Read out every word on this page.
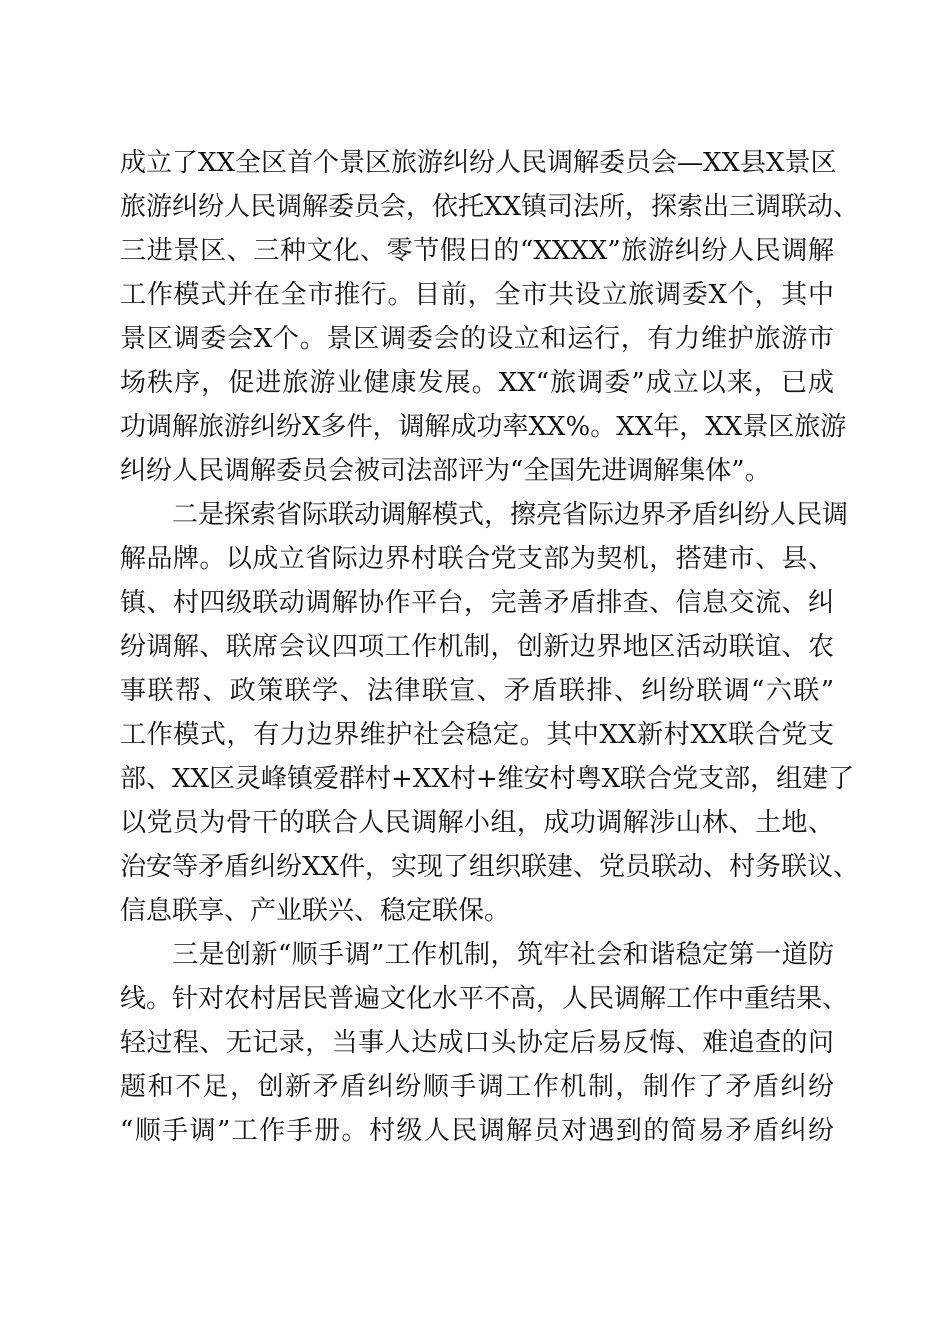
成立了XX全区首个景区旅游纠纷人民调解委员会—XX县X景区
旅游纠纷人民调解委员会，依托XX镇司法所，探索出三调联动、
三进景区、三种文化、零节假日的“XXXX”旅游纠纷人民调解
工作模式并在全市推行。目前，全市共设立旅调委X个，其中
景区调委会X个。景区调委会的设立和运行，有力维护旅游市
场秩序，促进旅游业健康发展。XX“旅调委”成立以来，已成
功调解旅游纠纷X多件，调解成功率XX%。XX年，XX景区旅游
纠纷人民调解委员会被司法部评为“全国先进调解集体”。
二是探索省际联动调解模式，擦亮省际边界矛盾纠纷人民调
解品牌。以成立省际边界村联合党支部为契机，搭建市、县、
镇、村四级联动调解协作平台，完善矛盾排查、信息交流、纠
纷调解、联席会议四项工作机制，创新边界地区活动联谊、农
事联帮、政策联学、法律联宣、矛盾联排、纠纷联调“六联”
工作模式，有力边界维护社会稳定。其中XX新村XX联合党支
部、XX区灵峰镇爱群村+XX村+维安村粤X联合党支部，组建了
以党员为骨干的联合人民调解小组，成功调解涉山林、土地、
治安等矛盾纠纷XX件，实现了组织联建、党员联动、村务联议、
信息联享、产业联兴、稳定联保。
三是创新“顺手调”工作机制，筑牢社会和谐稳定第一道防
线。针对农村居民普遍文化水平不高，人民调解工作中重结果、
轻过程、无记录，当事人达成口头协定后易反悔、难追查的问
题和不足，创新矛盾纠纷顺手调工作机制，制作了矛盾纠纷
“顺手调”工作手册。村级人民调解员对遇到的简易矛盾纠纷
